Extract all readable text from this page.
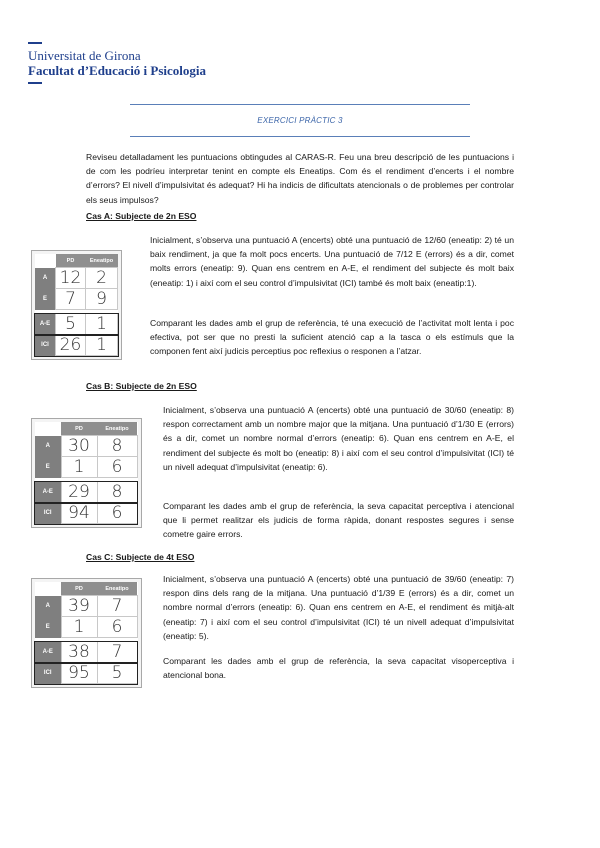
Universitat de Girona
Facultat d’Educació i Psicologia
EXERCICI PRÀCTIC 3
Reviseu detalladament les puntuacions obtingudes al CARAS-R. Feu una breu descripció de les puntuacions i de com les podríeu interpretar tenint en compte els Eneatips. Com és el rendiment d’encerts i el nombre d’errors? El nivell d’impulsivitat és adequat? Hi ha indicis de dificultats atencionals o de problemes per controlar els seus impulsos?
Cas A: Subjecte de 2n ESO
	PD	Eneatipo
A	12	2
E	7	9

A-E	5	1
ICI	26	1
Inicialment, s’observa una puntuació A (encerts) obté una puntuació de 12/60 (eneatip: 2) té un baix rendiment, ja que fa molt pocs encerts. Una puntuació de 7/12 E (errors) és a dir, comet molts errors (eneatip: 9). Quan ens centrem en A-E, el rendiment del subjecte és molt baix (eneatip: 1) i així com el seu control d’impulsivitat (ICI) també és molt baix (eneatip:1).
Comparant les dades amb el grup de referència, té una execució de l’activitat molt lenta i poc efectiva, pot ser que no presti la suficient atenció cap a la tasca o els estímuls que la componen fent així judicis perceptius poc reflexius o responen a l’atzar.
Cas B: Subjecte de 2n ESO
	PD	Eneatipo
A	30	8
E	1	6

A-E	29	8
ICI	94	6
Inicialment, s’observa una puntuació A (encerts) obté una puntuació de 30/60 (eneatip: 8) respon correctament amb un nombre major que la mitjana. Una puntuació d’1/30 E (errors) és a dir, comet un nombre normal d’errors (eneatip: 6). Quan ens centrem en A-E, el rendiment del subjecte és molt bo (eneatip: 8) i així com el seu control d’impulsivitat (ICI) té un nivell adequat d’impulsivitat (eneatip: 6).
Comparant les dades amb el grup de referència, la seva capacitat perceptiva i atencional que li permet realitzar els judicis de forma ràpida, donant respostes segures i sense cometre gaire errors.
Cas C: Subjecte de 4t ESO
	PD	Eneatipo
A	39	7
E	1	6

A-E	38	7
ICI	95	5
Inicialment, s’observa una puntuació A (encerts) obté una puntuació de 39/60 (eneatip: 7) respon dins dels rang de la mitjana. Una puntuació d’1/39 E (errors) és a dir, comet un nombre normal d’errors (eneatip: 6). Quan ens centrem en A-E, el rendiment és mitjà-alt (eneatip: 7) i així com el seu control d’impulsivitat (ICI) té un nivell adequat d’impulsivitat (eneatip: 5).
Comparant les dades amb el grup de referència, la seva capacitat visoperceptiva i atencional bona.
